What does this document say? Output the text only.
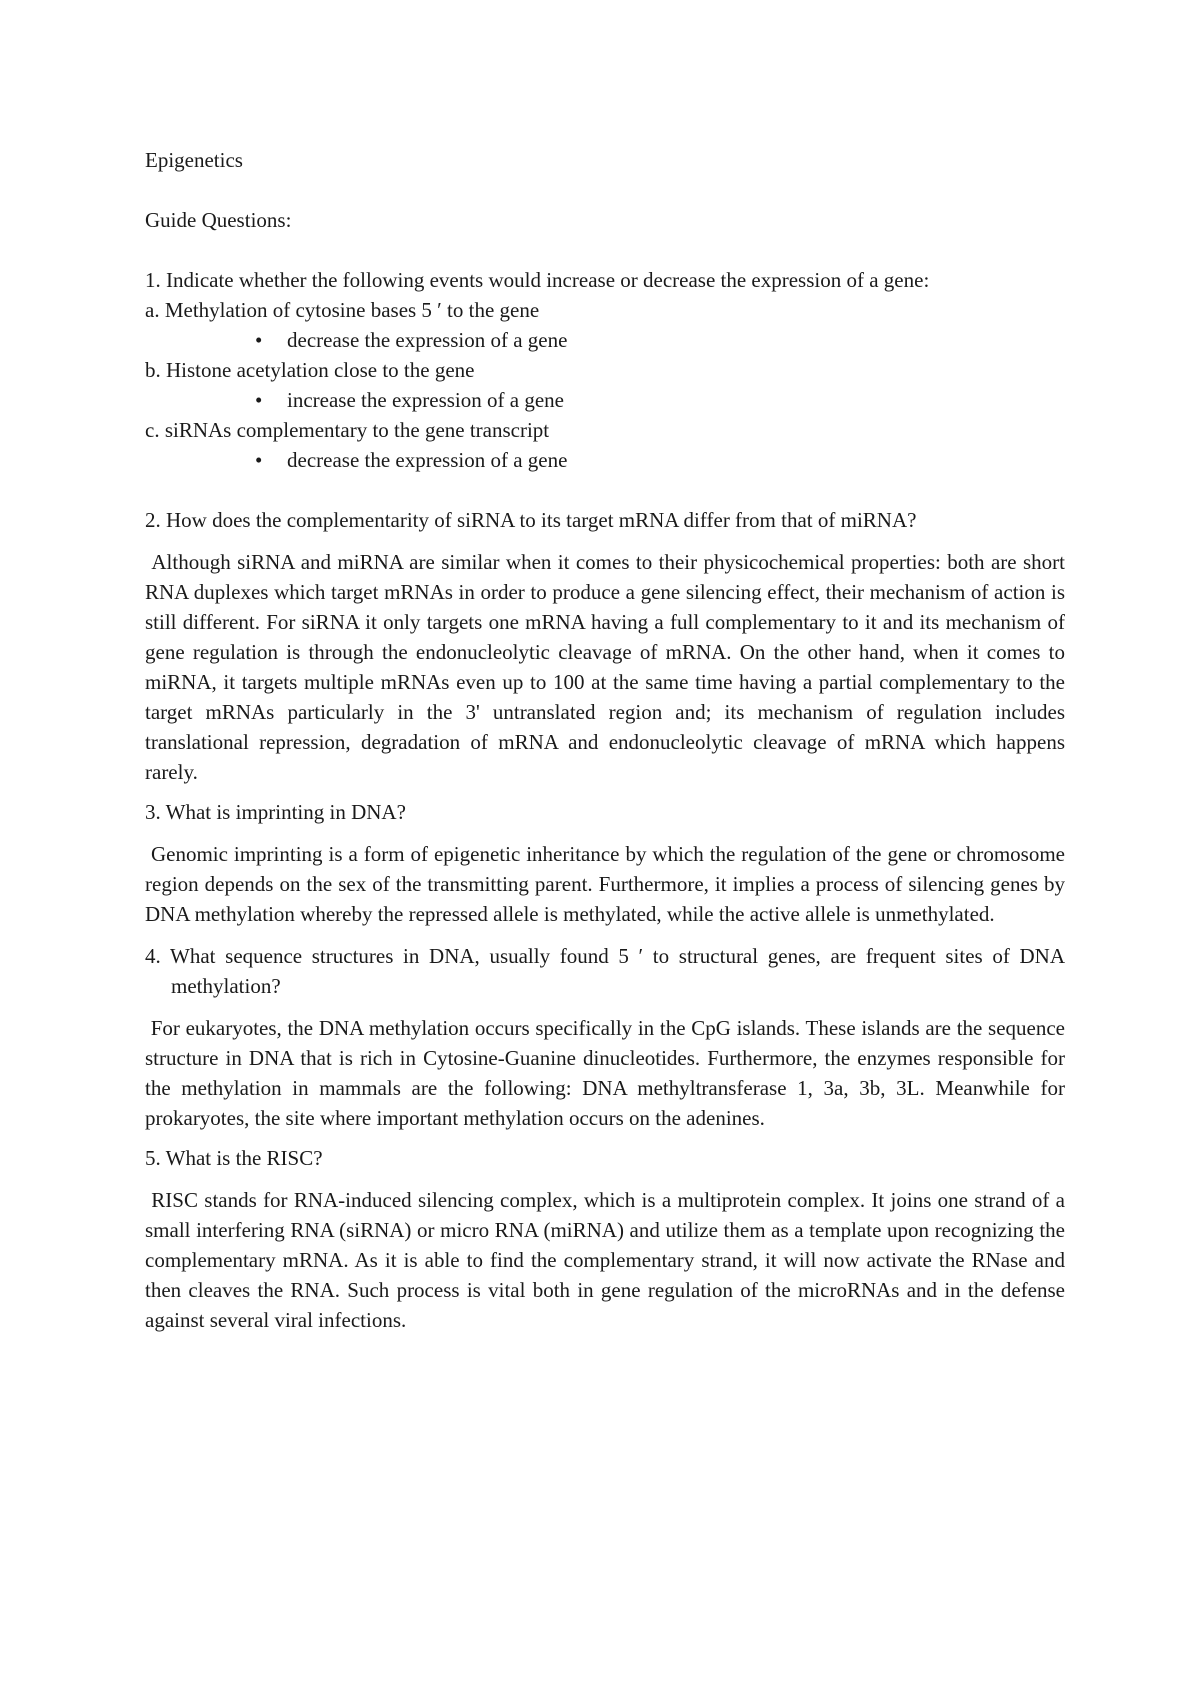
Epigenetics
Guide Questions:
1. Indicate whether the following events would increase or decrease the expression of a gene:
a. Methylation of cytosine bases 5 ′ to the gene
• decrease the expression of a gene
b. Histone acetylation close to the gene
• increase the expression of a gene
c. siRNAs complementary to the gene transcript
• decrease the expression of a gene
2. How does the complementarity of siRNA to its target mRNA differ from that of miRNA?
Although siRNA and miRNA are similar when it comes to their physicochemical properties: both are short RNA duplexes which target mRNAs in order to produce a gene silencing effect, their mechanism of action is still different. For siRNA it only targets one mRNA having a full complementary to it and its mechanism of gene regulation is through the endonucleolytic cleavage of mRNA. On the other hand, when it comes to miRNA, it targets multiple mRNAs even up to 100 at the same time having a partial complementary to the target mRNAs particularly in the 3' untranslated region and; its mechanism of regulation includes translational repression, degradation of mRNA and endonucleolytic cleavage of mRNA which happens rarely.
3. What is imprinting in DNA?
Genomic imprinting is a form of epigenetic inheritance by which the regulation of the gene or chromosome region depends on the sex of the transmitting parent. Furthermore, it implies a process of silencing genes by DNA methylation whereby the repressed allele is methylated, while the active allele is unmethylated.
4. What sequence structures in DNA, usually found 5 ′ to structural genes, are frequent sites of DNA methylation?
For eukaryotes, the DNA methylation occurs specifically in the CpG islands. These islands are the sequence structure in DNA that is rich in Cytosine-Guanine dinucleotides. Furthermore, the enzymes responsible for the methylation in mammals are the following: DNA methyltransferase 1, 3a, 3b, 3L. Meanwhile for prokaryotes, the site where important methylation occurs on the adenines.
5. What is the RISC?
RISC stands for RNA-induced silencing complex, which is a multiprotein complex. It joins one strand of a small interfering RNA (siRNA) or micro RNA (miRNA) and utilize them as a template upon recognizing the complementary mRNA. As it is able to find the complementary strand, it will now activate the RNase and then cleaves the RNA. Such process is vital both in gene regulation of the microRNAs and in the defense against several viral infections.
